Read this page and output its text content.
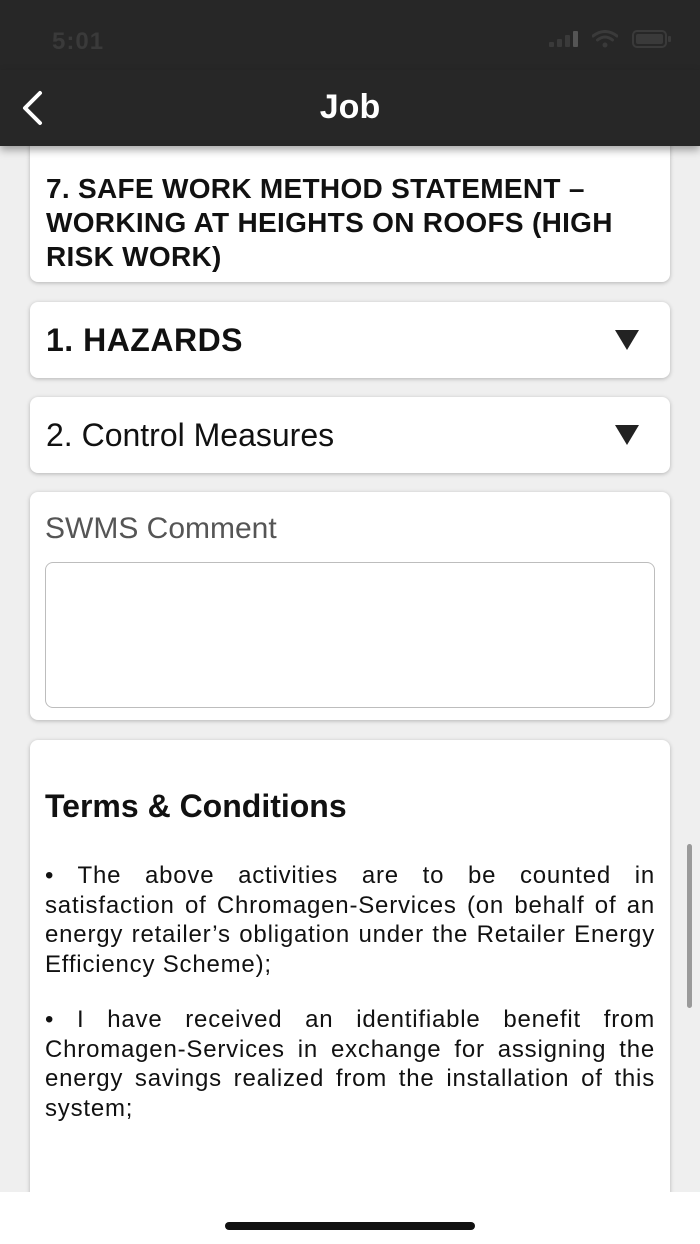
5:01
Job
7. SAFE WORK METHOD STATEMENT – WORKING AT HEIGHTS ON ROOFS (HIGH RISK WORK)
1. HAZARDS
2. Control Measures
SWMS Comment
Terms & Conditions

• The above activities are to be counted in satisfaction of Chromagen-Services (on behalf of an energy retailer’s obligation under the Retailer Energy Efficiency Scheme);

• I have received an identifiable benefit from Chromagen-Services in exchange for assigning the energy savings realized from the installation of this system;
